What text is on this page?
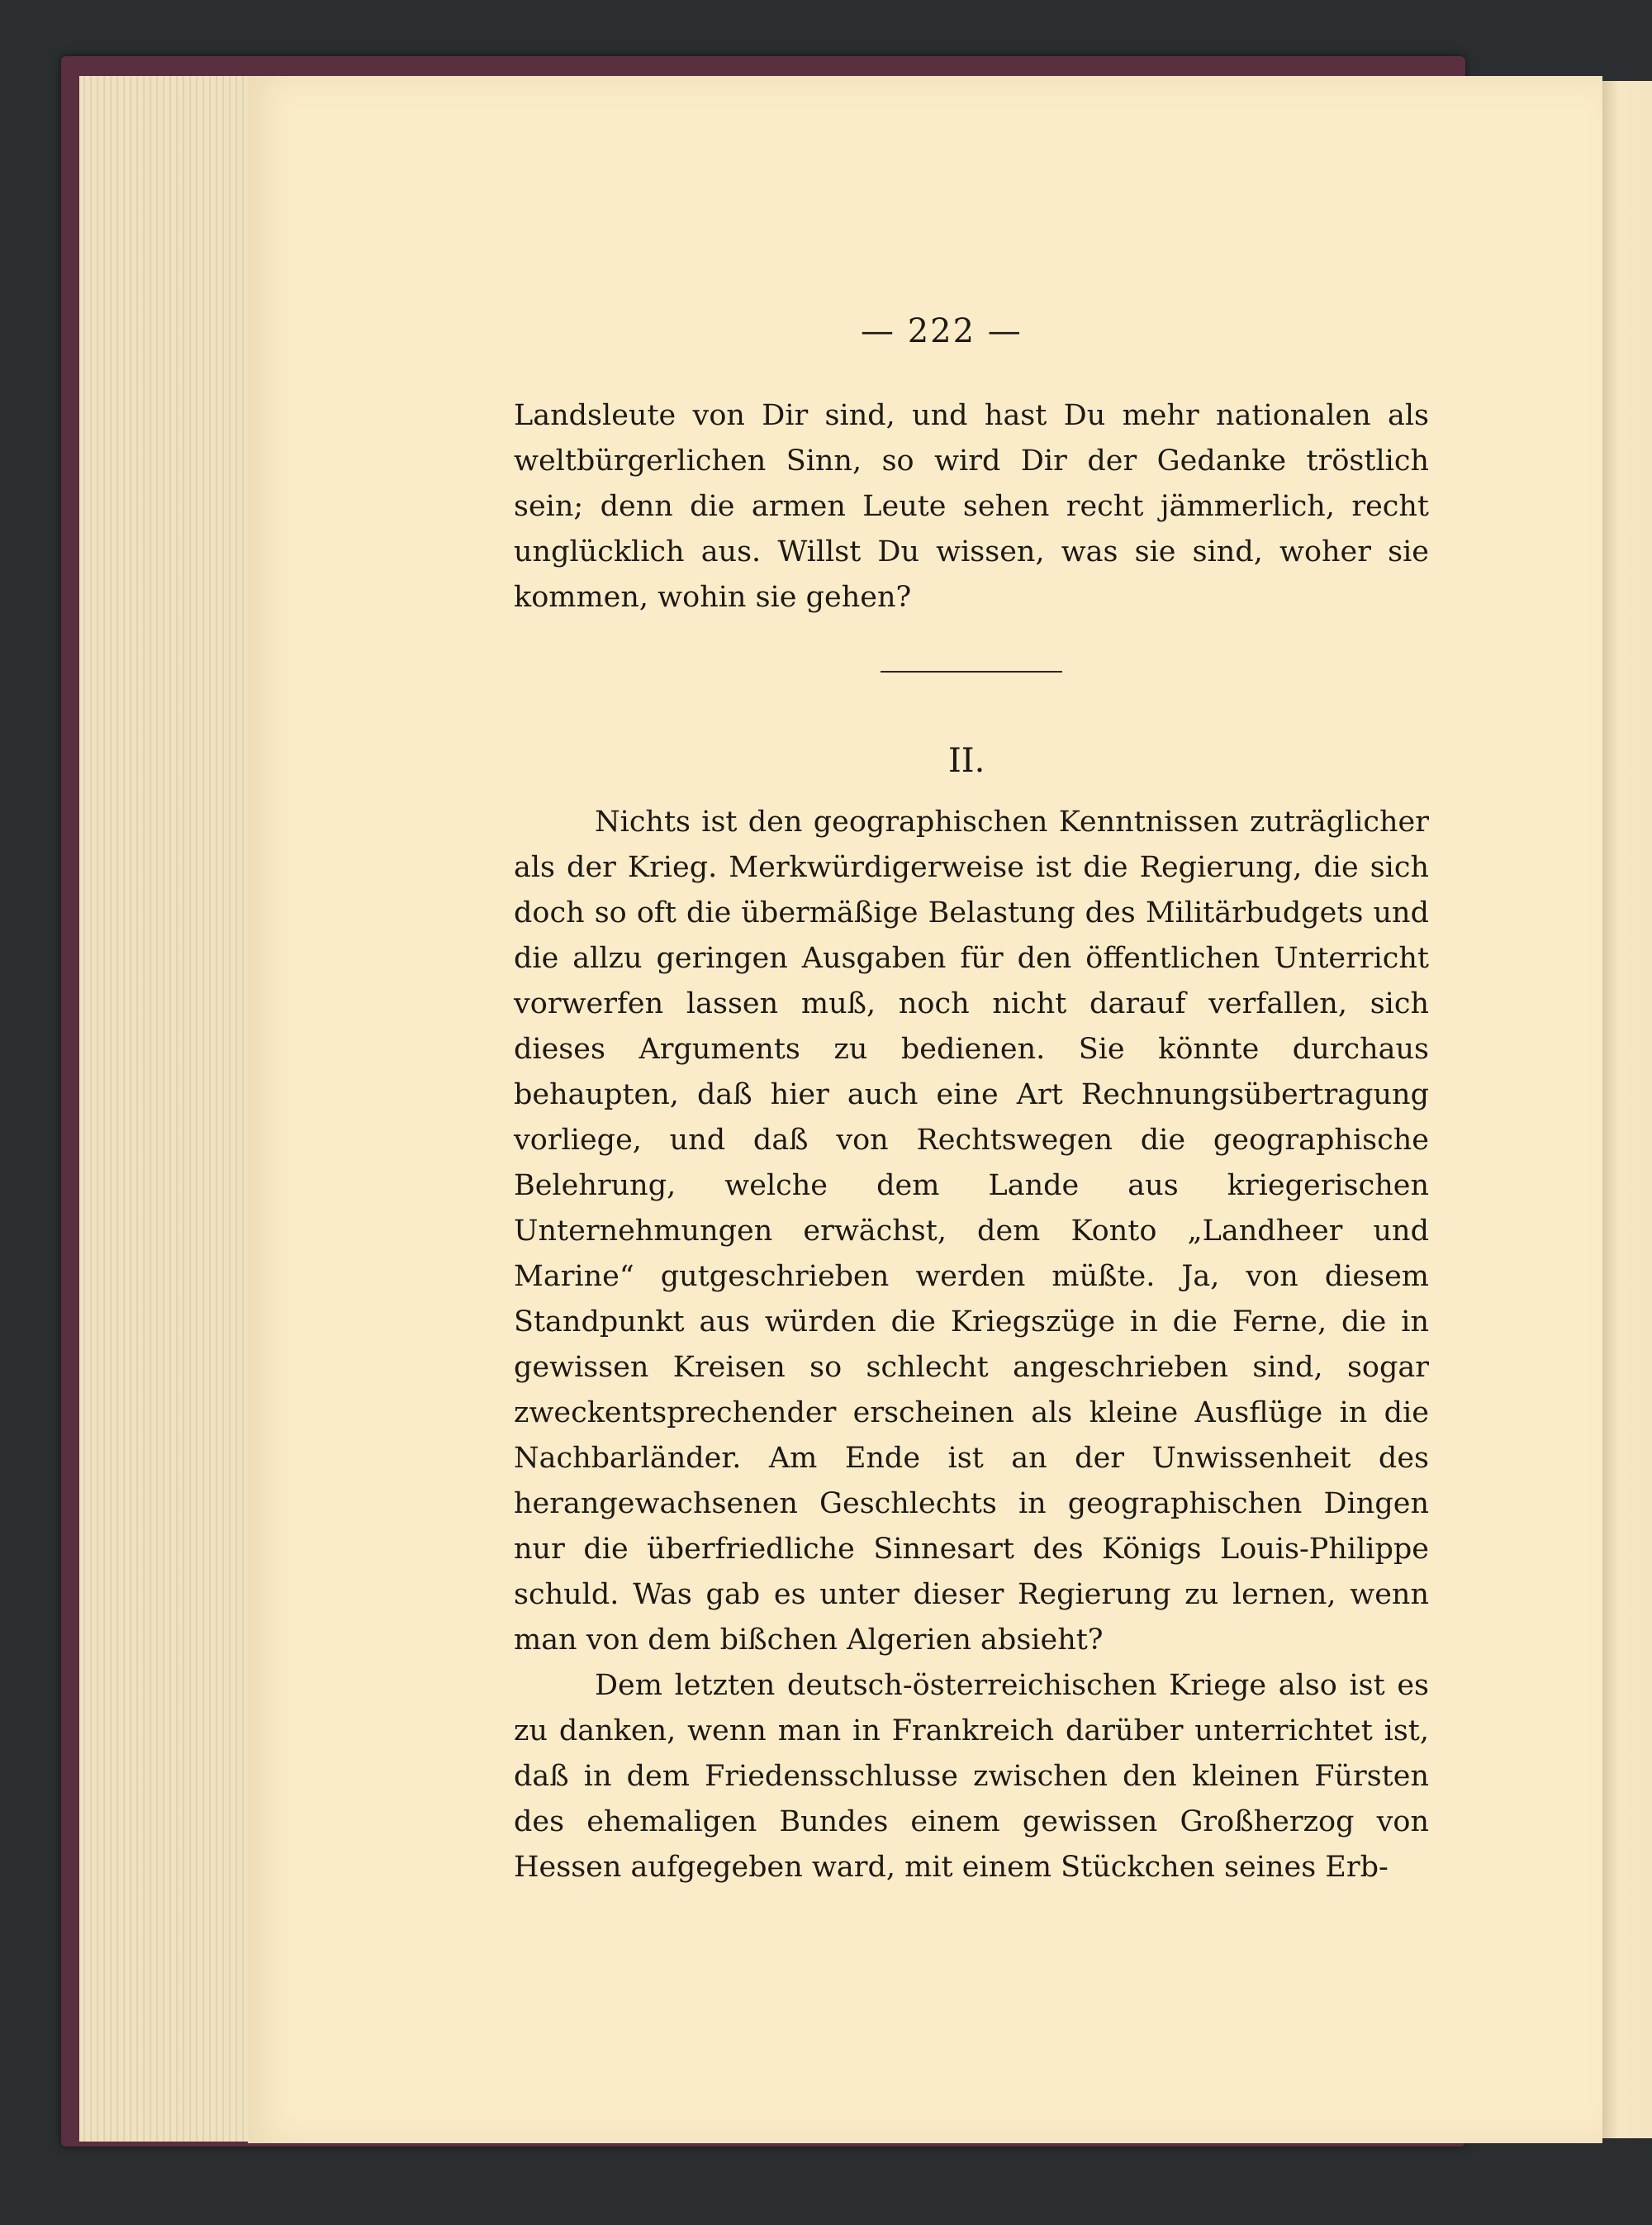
— 222 —

Landsleute von Dir sind, und hast Du mehr nationalen als weltbürgerlichen Sinn, so wird Dir der Gedanke tröstlich sein; denn die armen Leute sehen recht jämmerlich, recht unglücklich aus. Willst Du wissen, was sie sind, woher sie kommen, wohin sie gehen?

II.

Nichts ist den geographischen Kenntnissen zuträglicher als der Krieg. Merkwürdigerweise ist die Regierung, die sich doch so oft die übermäßige Belastung des Militärbudgets und die allzu geringen Ausgaben für den öffentlichen Unterricht vorwerfen lassen muß, noch nicht darauf verfallen, sich dieses Arguments zu bedienen. Sie könnte durchaus behaupten, daß hier auch eine Art Rechnungsübertragung vorliege, und daß von Rechtswegen die geographische Belehrung, welche dem Lande aus kriegerischen Unternehmungen erwächst, dem Konto „Landheer und Marine“ gutgeschrieben werden müßte. Ja, von diesem Standpunkt aus würden die Kriegszüge in die Ferne, die in gewissen Kreisen so schlecht angeschrieben sind, sogar zweckentsprechender erscheinen als kleine Ausflüge in die Nachbarländer. Am Ende ist an der Unwissenheit des herangewachsenen Geschlechts in geographischen Dingen nur die überfriedliche Sinnesart des Königs Louis-Philippe schuld. Was gab es unter dieser Regierung zu lernen, wenn man von dem bißchen Algerien absieht?

Dem letzten deutsch-österreichischen Kriege also ist es zu danken, wenn man in Frankreich darüber unterrichtet ist, daß in dem Friedensschlusse zwischen den kleinen Fürsten des ehemaligen Bundes einem gewissen Großherzog von Hessen aufgegeben ward, mit einem Stückchen seines Erb-
